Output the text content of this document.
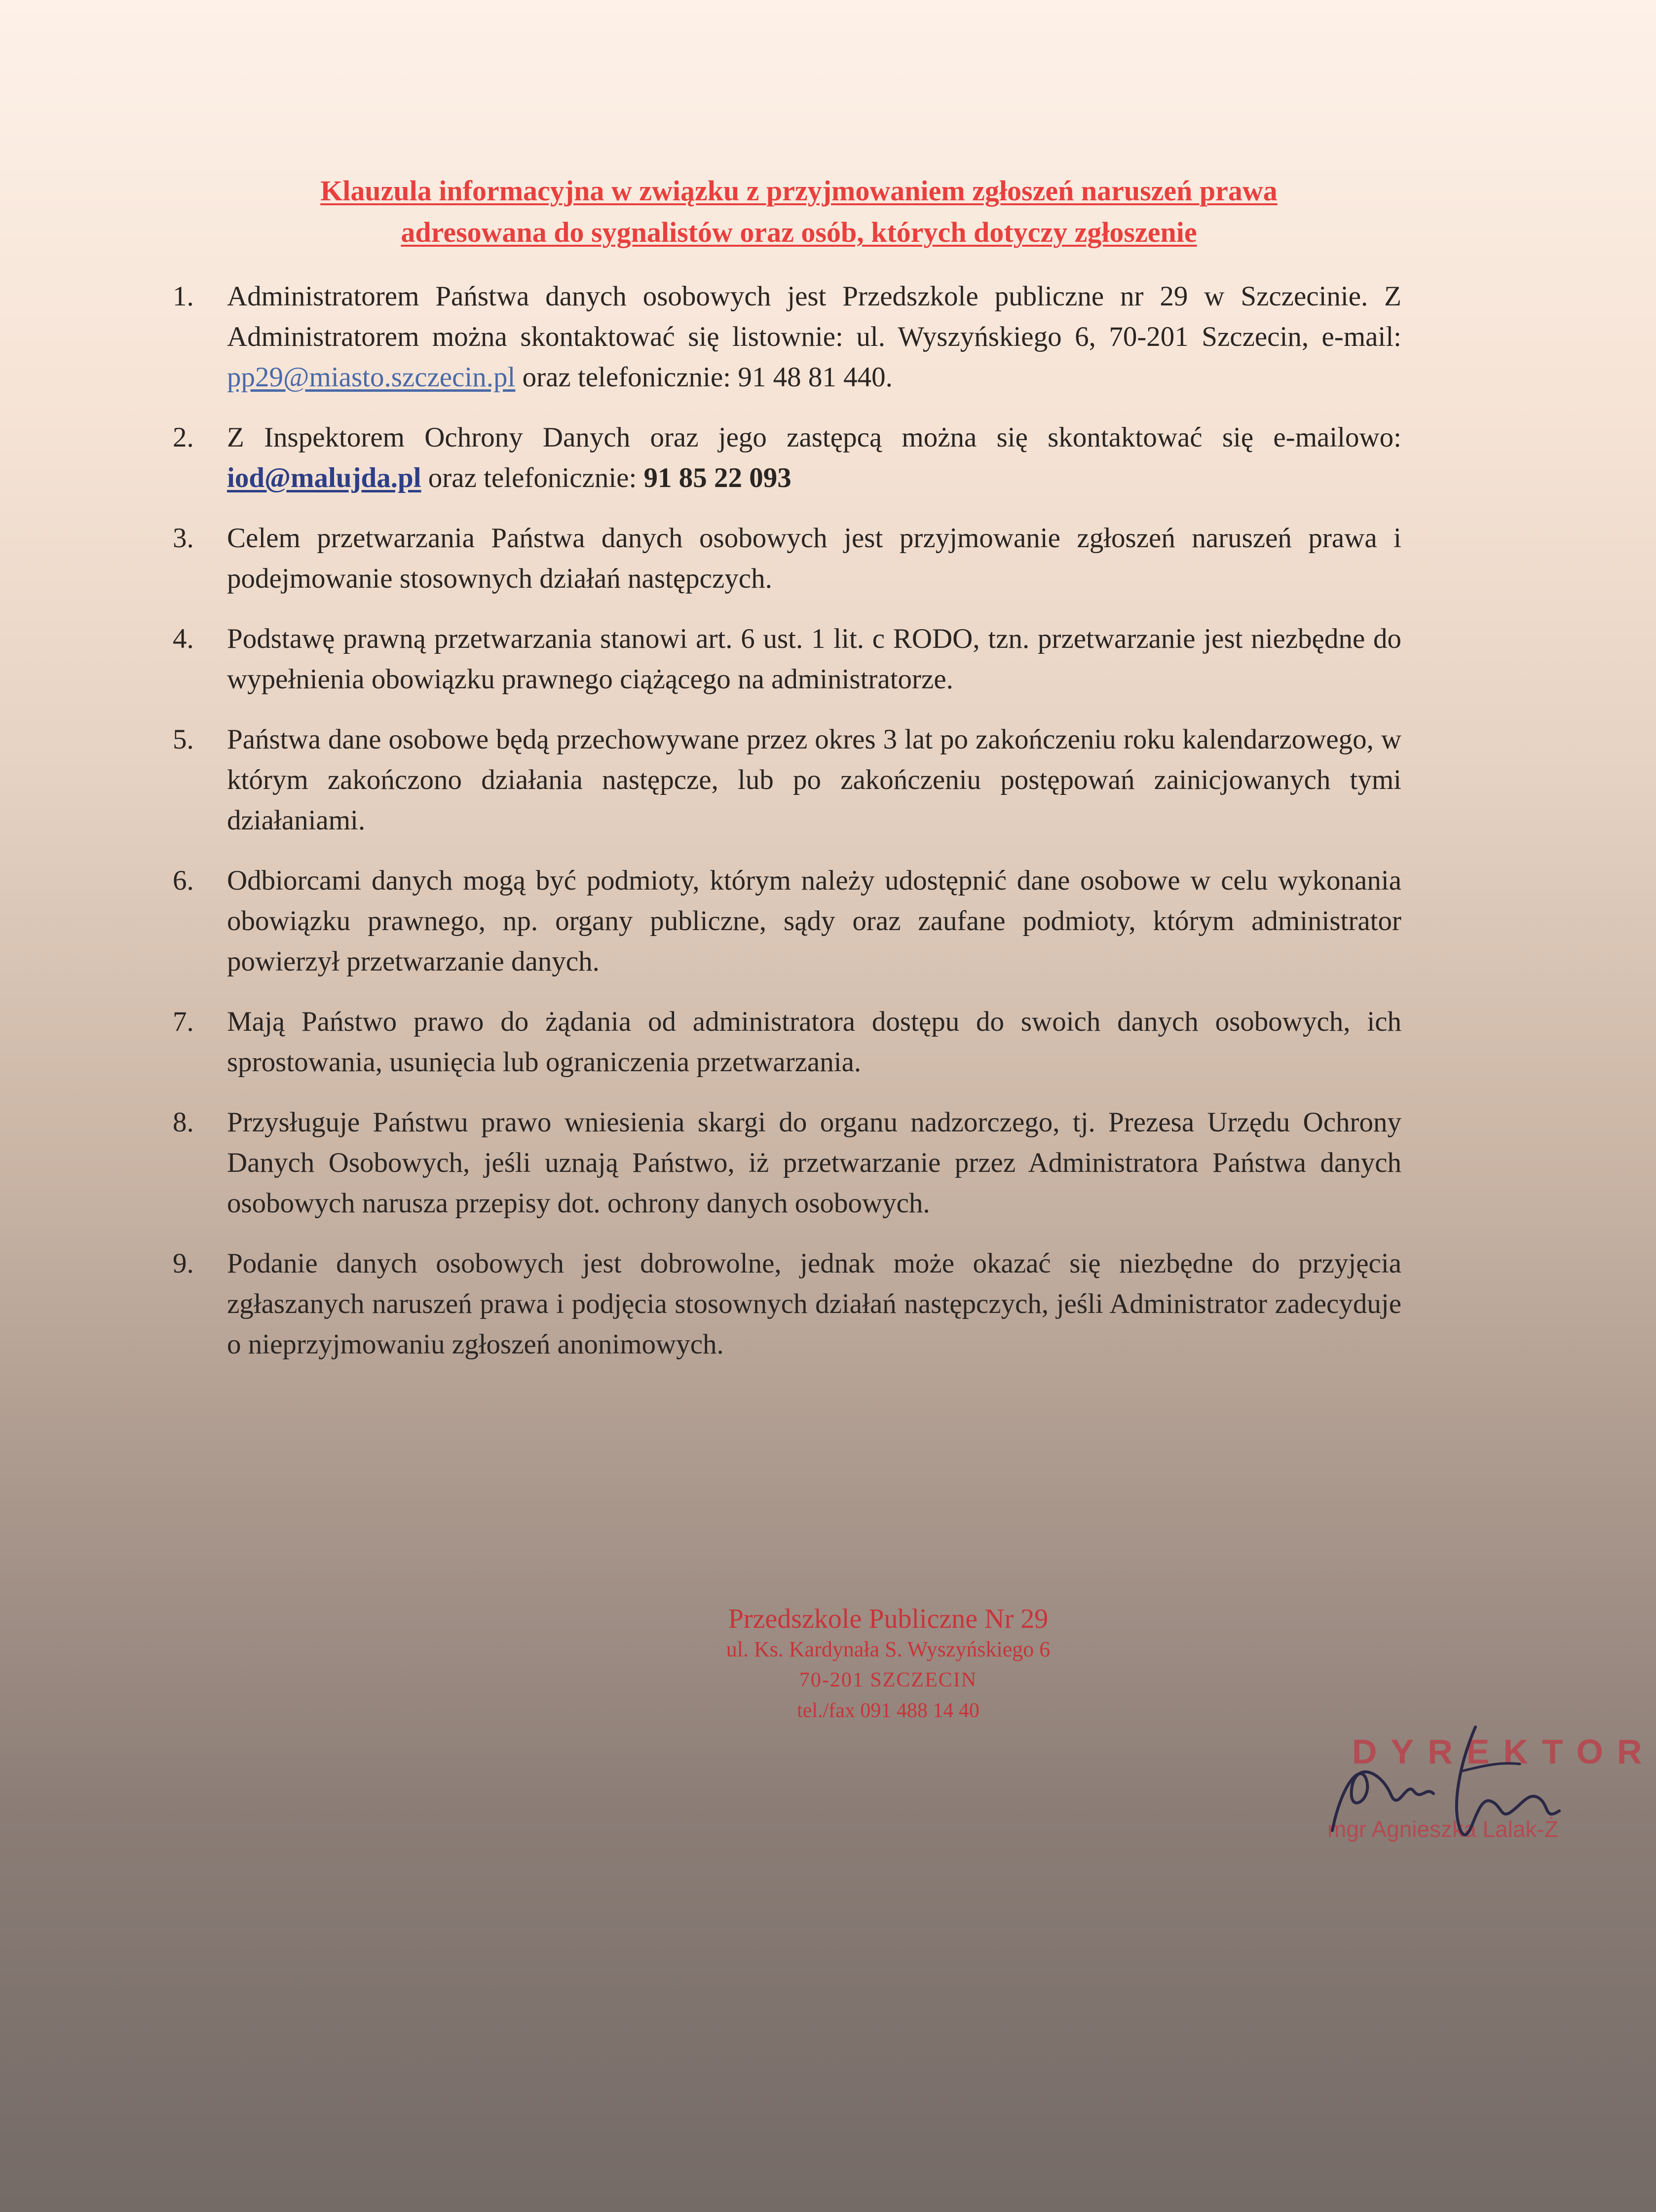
Klauzula informacyjna w związku z przyjmowaniem zgłoszeń naruszeń prawa
adresowana do sygnalistów oraz osób, których dotyczy zgłoszenie
1.	Administratorem Państwa danych osobowych jest Przedszkole publiczne nr 29 w Szczecinie. Z Administratorem można skontaktować się listownie: ul. Wyszyńskiego 6, 70-201 Szczecin, e-mail: pp29@miasto.szczecin.pl oraz telefonicznie: 91 48 81 440.
2.	Z Inspektorem Ochrony Danych oraz jego zastępcą można się skontaktować się e-mailowo: iod@malujda.pl oraz telefonicznie: 91 85 22 093
3.	Celem przetwarzania Państwa danych osobowych jest przyjmowanie zgłoszeń naruszeń prawa i podejmowanie stosownych działań następczych.
4.	Podstawę prawną przetwarzania stanowi art. 6 ust. 1 lit. c RODO, tzn. przetwarzanie jest niezbędne do wypełnienia obowiązku prawnego ciążącego na administratorze.
5.	Państwa dane osobowe będą przechowywane przez okres 3 lat po zakończeniu roku kalendarzowego, w którym zakończono działania następcze, lub po zakończeniu postępowań zainicjowanych tymi działaniami.
6.	Odbiorcami danych mogą być podmioty, którym należy udostępnić dane osobowe w celu wykonania obowiązku prawnego, np. organy publiczne, sądy oraz zaufane podmioty, którym administrator powierzył przetwarzanie danych.
7.	Mają Państwo prawo do żądania od administratora dostępu do swoich danych osobowych, ich sprostowania, usunięcia lub ograniczenia przetwarzania.
8.	Przysługuje Państwu prawo wniesienia skargi do organu nadzorczego, tj. Prezesa Urzędu Ochrony Danych Osobowych, jeśli uznają Państwo, iż przetwarzanie przez Administratora Państwa danych osobowych narusza przepisy dot. ochrony danych osobowych.
9.	Podanie danych osobowych jest dobrowolne, jednak może okazać się niezbędne do przyjęcia zgłaszanych naruszeń prawa i podjęcia stosownych działań następczych, jeśli Administrator zadecyduje o nieprzyjmowaniu zgłoszeń anonimowych.
Przedszkole Publiczne Nr 29
ul. Ks. Kardynała S. Wyszyńskiego 6
70-201 SZCZECIN
tel./fax 091 488 14 40
DYREKTOR
mgr Agnieszka Lalak-Ż
